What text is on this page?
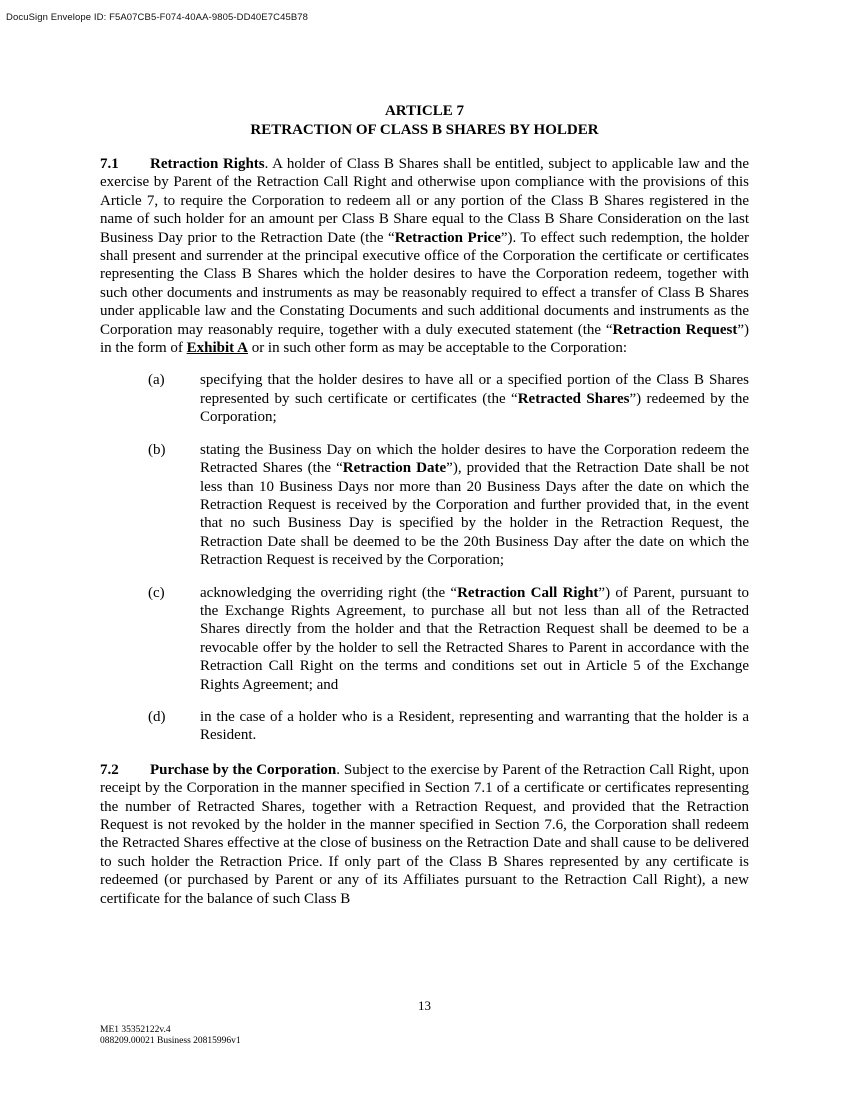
DocuSign Envelope ID: F5A07CB5-F074-40AA-9805-DD40E7C45B78
ARTICLE 7
RETRACTION OF CLASS B SHARES BY HOLDER
7.1 Retraction Rights. A holder of Class B Shares shall be entitled, subject to applicable law and the exercise by Parent of the Retraction Call Right and otherwise upon compliance with the provisions of this Article 7, to require the Corporation to redeem all or any portion of the Class B Shares registered in the name of such holder for an amount per Class B Share equal to the Class B Share Consideration on the last Business Day prior to the Retraction Date (the “Retraction Price”). To effect such redemption, the holder shall present and surrender at the principal executive office of the Corporation the certificate or certificates representing the Class B Shares which the holder desires to have the Corporation redeem, together with such other documents and instruments as may be reasonably required to effect a transfer of Class B Shares under applicable law and the Constating Documents and such additional documents and instruments as the Corporation may reasonably require, together with a duly executed statement (the “Retraction Request”) in the form of Exhibit A or in such other form as may be acceptable to the Corporation:
(a) specifying that the holder desires to have all or a specified portion of the Class B Shares represented by such certificate or certificates (the “Retracted Shares”) redeemed by the Corporation;
(b) stating the Business Day on which the holder desires to have the Corporation redeem the Retracted Shares (the “Retraction Date”), provided that the Retraction Date shall be not less than 10 Business Days nor more than 20 Business Days after the date on which the Retraction Request is received by the Corporation and further provided that, in the event that no such Business Day is specified by the holder in the Retraction Request, the Retraction Date shall be deemed to be the 20th Business Day after the date on which the Retraction Request is received by the Corporation;
(c) acknowledging the overriding right (the “Retraction Call Right”) of Parent, pursuant to the Exchange Rights Agreement, to purchase all but not less than all of the Retracted Shares directly from the holder and that the Retraction Request shall be deemed to be a revocable offer by the holder to sell the Retracted Shares to Parent in accordance with the Retraction Call Right on the terms and conditions set out in Article 5 of the Exchange Rights Agreement; and
(d) in the case of a holder who is a Resident, representing and warranting that the holder is a Resident.
7.2 Purchase by the Corporation. Subject to the exercise by Parent of the Retraction Call Right, upon receipt by the Corporation in the manner specified in Section 7.1 of a certificate or certificates representing the number of Retracted Shares, together with a Retraction Request, and provided that the Retraction Request is not revoked by the holder in the manner specified in Section 7.6, the Corporation shall redeem the Retracted Shares effective at the close of business on the Retraction Date and shall cause to be delivered to such holder the Retraction Price. If only part of the Class B Shares represented by any certificate is redeemed (or purchased by Parent or any of its Affiliates pursuant to the Retraction Call Right), a new certificate for the balance of such Class B
13
ME1 35352122v.4
088209.00021 Business 20815996v1
